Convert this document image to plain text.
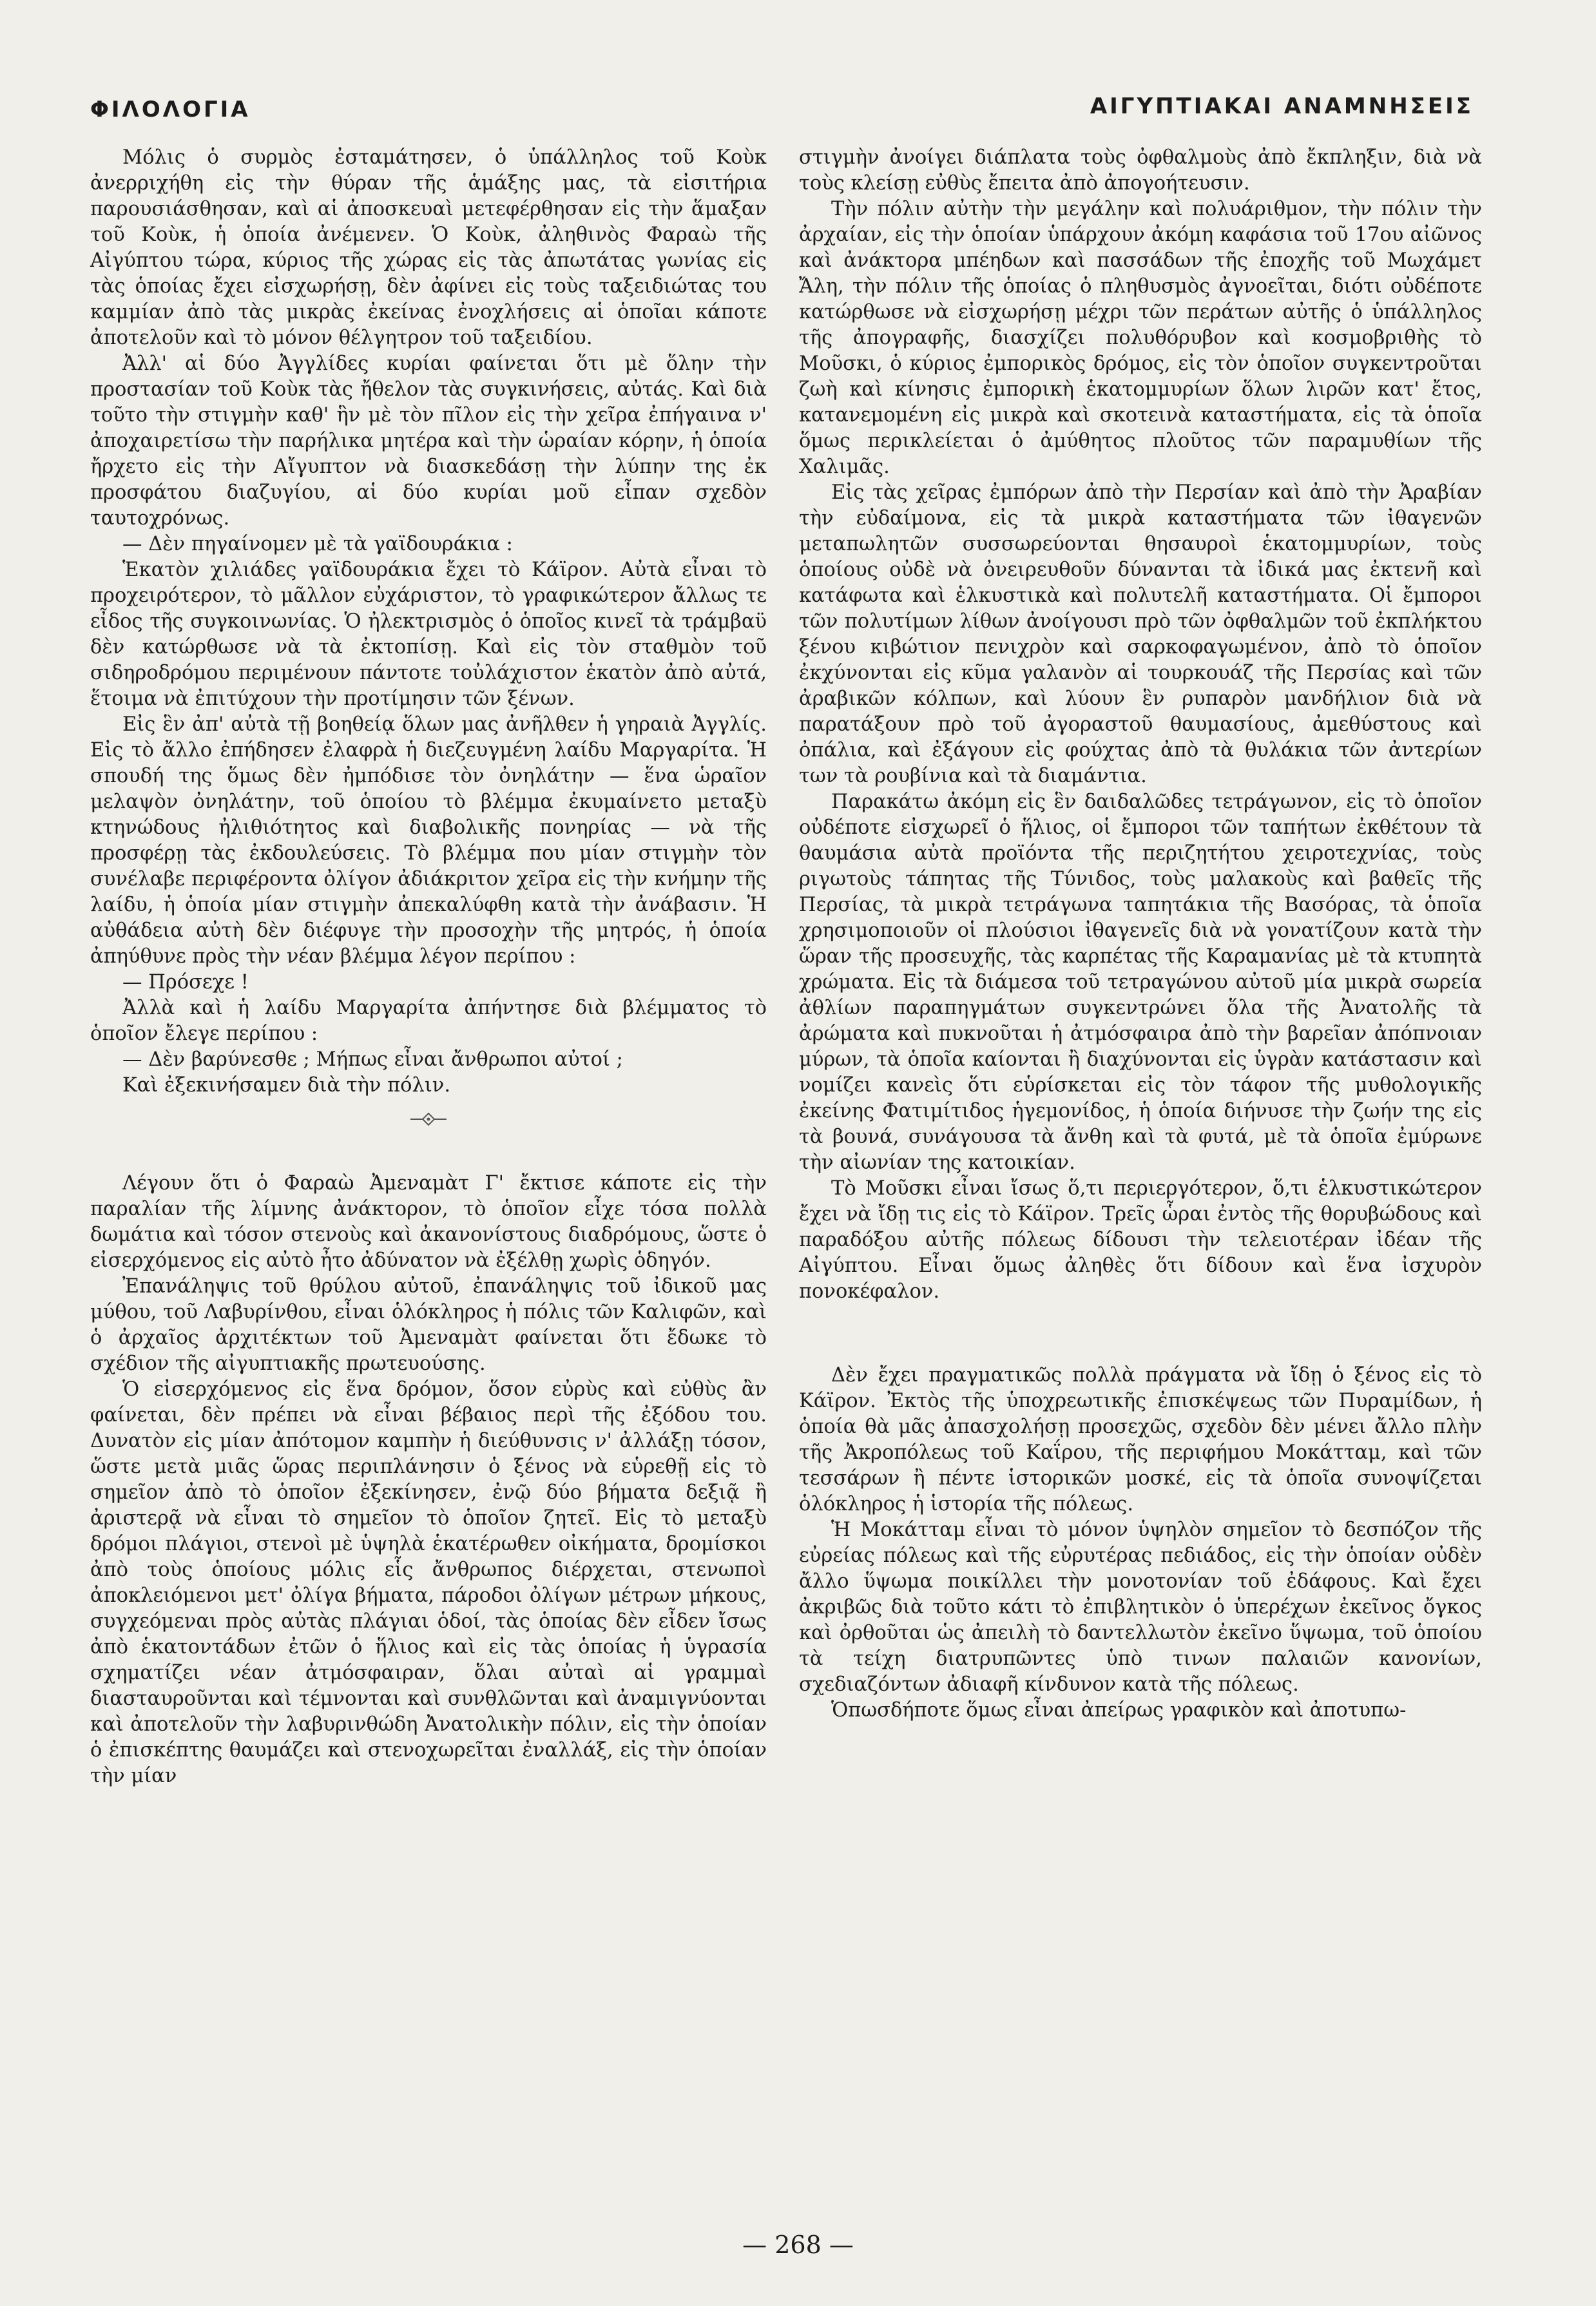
ΦΙΛΟΛΟΓΙΑ	ΑΙΓΥΠΤΙΑΚΑΙ ΑΝΑΜΝΗΣΕΙΣ

Μόλις ὁ συρμὸς ἐσταμάτησεν, ὁ ὑπάλληλος τοῦ Κοὺκ ἀνερριχήθη εἰς τὴν θύραν τῆς ἁμάξης μας, τὰ εἰσιτήρια παρουσιάσθησαν, καὶ αἱ ἀποσκευαὶ μετεφέρθησαν εἰς τὴν ἅμαξαν τοῦ Κοὺκ, ἡ ὁποία ἀνέμενεν. Ὁ Κοὺκ, ἀληθινὸς Φαραὼ τῆς Αἰγύπτου τώρα, κύριος τῆς χώρας εἰς τὰς ἀπωτάτας γωνίας εἰς τὰς ὁποίας ἔχει εἰσχωρήσῃ, δὲν ἀφίνει εἰς τοὺς ταξειδιώτας του καμμίαν ἀπὸ τὰς μικρὰς ἐκείνας ἐνοχλήσεις αἱ ὁποῖαι κάποτε ἀποτελοῦν καὶ τὸ μόνον θέλγητρον τοῦ ταξειδίου.

Ἀλλ' αἱ δύο Ἀγγλίδες κυρίαι φαίνεται ὅτι μὲ ὅλην τὴν προστασίαν τοῦ Κοὺκ τὰς ἤθελον τὰς συγκινήσεις, αὐτάς. Καὶ διὰ τοῦτο τὴν στιγμὴν καθ' ἣν μὲ τὸν πῖλον εἰς τὴν χεῖρα ἐπήγαινα ν' ἀποχαιρετίσω τὴν παρήλικα μητέρα καὶ τὴν ὡραίαν κόρην, ἡ ὁποία ἤρχετο εἰς τὴν Αἴγυπτον νὰ διασκεδάσῃ τὴν λύπην της ἐκ προσφάτου διαζυγίου, αἱ δύο κυρίαι μοῦ εἶπαν σχεδὸν ταυτοχρόνως.

— Δὲν πηγαίνομεν μὲ τὰ γαϊδουράκια :

Ἑκατὸν χιλιάδες γαϊδουράκια ἔχει τὸ Κάϊρον. Αὐτὰ εἶναι τὸ προχειρότερον, τὸ μᾶλλον εὐχάριστον, τὸ γραφικώτερον ἄλλως τε εἶδος τῆς συγκοινωνίας. Ὁ ἠλεκτρισμὸς ὁ ὁποῖος κινεῖ τὰ τράμβαϋ δὲν κατώρθωσε νὰ τὰ ἐκτοπίσῃ. Καὶ εἰς τὸν σταθμὸν τοῦ σιδηροδρόμου περιμένουν πάντοτε τοὐλάχιστον ἑκατὸν ἀπὸ αὐτά, ἕτοιμα νὰ ἐπιτύχουν τὴν προτίμησιν τῶν ξένων.

Εἰς ἓν ἀπ' αὐτὰ τῇ βοηθείᾳ ὅλων μας ἀνῆλθεν ἡ γηραιὰ Ἀγγλίς. Εἰς τὸ ἄλλο ἐπήδησεν ἐλαφρὰ ἡ διεζευγμένη λαίδυ Μαργαρίτα. Ἡ σπουδή της ὅμως δὲν ἠμπόδισε τὸν ὀνηλάτην — ἕνα ὡραῖον μελαψὸν ὀνηλάτην, τοῦ ὁποίου τὸ βλέμμα ἐκυμαίνετο μεταξὺ κτηνώδους ἠλιθιότητος καὶ διαβολικῆς πονηρίας — νὰ τῆς προσφέρῃ τὰς ἐκδουλεύσεις. Τὸ βλέμμα που μίαν στιγμὴν τὸν συνέλαβε περιφέροντα ὀλίγον ἀδιάκριτον χεῖρα εἰς τὴν κνήμην τῆς λαίδυ, ἡ ὁποία μίαν στιγμὴν ἀπεκαλύφθη κατὰ τὴν ἀνάβασιν. Ἡ αὐθάδεια αὐτὴ δὲν διέφυγε τὴν προσοχὴν τῆς μητρός, ἡ ὁποία ἀπηύθυνε πρὸς τὴν νέαν βλέμμα λέγον περίπου :

— Πρόσεχε !

Ἀλλὰ καὶ ἡ λαίδυ Μαργαρίτα ἀπήντησε διὰ βλέμματος τὸ ὁποῖον ἔλεγε περίπου :

— Δὲν βαρύνεσθε ; Μήπως εἶναι ἄνθρωποι αὐτοί ;

Καὶ ἐξεκινήσαμεν διὰ τὴν πόλιν.

Λέγουν ὅτι ὁ Φαραὼ Ἀμεναμὰτ Γ' ἔκτισε κάποτε εἰς τὴν παραλίαν τῆς λίμνης ἀνάκτορον, τὸ ὁποῖον εἶχε τόσα πολλὰ δωμάτια καὶ τόσον στενοὺς καὶ ἀκανονίστους διαδρόμους, ὥστε ὁ εἰσερχόμενος εἰς αὐτὸ ἦτο ἀδύνατον νὰ ἐξέλθῃ χωρὶς ὁδηγόν.

Ἐπανάληψις τοῦ θρύλου αὐτοῦ, ἐπανάληψις τοῦ ἰδικοῦ μας μύθου, τοῦ Λαβυρίνθου, εἶναι ὁλόκληρος ἡ πόλις τῶν Καλιφῶν, καὶ ὁ ἀρχαῖος ἀρχιτέκτων τοῦ Ἀμεναμὰτ φαίνεται ὅτι ἔδωκε τὸ σχέδιον τῆς αἰγυπτιακῆς πρωτευούσης.

Ὁ εἰσερχόμενος εἰς ἕνα δρόμον, ὅσον εὐρὺς καὶ εὐθὺς ἂν φαίνεται, δὲν πρέπει νὰ εἶναι βέβαιος περὶ τῆς ἐξόδου του. Δυνατὸν εἰς μίαν ἀπότομον καμπὴν ἡ διεύθυνσις ν' ἀλλάξῃ τόσον, ὥστε μετὰ μιᾶς ὥρας περιπλάνησιν ὁ ξένος νὰ εὑρεθῇ εἰς τὸ σημεῖον ἀπὸ τὸ ὁποῖον ἐξεκίνησεν, ἐνῷ δύο βήματα δεξιᾷ ἢ ἀριστερᾷ νὰ εἶναι τὸ σημεῖον τὸ ὁποῖον ζητεῖ. Εἰς τὸ μεταξὺ δρόμοι πλάγιοι, στενοὶ μὲ ὑψηλὰ ἑκατέρωθεν οἰκήματα, δρομίσκοι ἀπὸ τοὺς ὁποίους μόλις εἷς ἄνθρωπος διέρχεται, στενωποὶ ἀποκλειόμενοι μετ' ὀλίγα βήματα, πάροδοι ὀλίγων μέτρων μήκους, συγχεόμεναι πρὸς αὐτὰς πλάγιαι ὁδοί, τὰς ὁποίας δὲν εἶδεν ἴσως ἀπὸ ἑκατοντάδων ἐτῶν ὁ ἥλιος καὶ εἰς τὰς ὁποίας ἡ ὑγρασία σχηματίζει νέαν ἀτμόσφαιραν, ὅλαι αὐταὶ αἱ γραμμαὶ διασταυροῦνται καὶ τέμνονται καὶ συνθλῶνται καὶ ἀναμιγνύονται καὶ ἀποτελοῦν τὴν λαβυρινθώδη Ἀνατολικὴν πόλιν, εἰς τὴν ὁποίαν ὁ ἐπισκέπτης θαυμάζει καὶ στενοχωρεῖται ἐναλλάξ, εἰς τὴν ὁποίαν τὴν μίαν

στιγμὴν ἀνοίγει διάπλατα τοὺς ὀφθαλμοὺς ἀπὸ ἔκπληξιν, διὰ νὰ τοὺς κλείσῃ εὐθὺς ἔπειτα ἀπὸ ἀπογοήτευσιν.

Τὴν πόλιν αὐτὴν τὴν μεγάλην καὶ πολυάριθμον, τὴν πόλιν τὴν ἀρχαίαν, εἰς τὴν ὁποίαν ὑπάρχουν ἀκόμη καφάσια τοῦ 17ου αἰῶνος καὶ ἀνάκτορα μπέηδων καὶ πασσάδων τῆς ἐποχῆς τοῦ Μωχάμετ Ἄλη, τὴν πόλιν τῆς ὁποίας ὁ πληθυσμὸς ἀγνοεῖται, διότι οὐδέποτε κατώρθωσε νὰ εἰσχωρήσῃ μέχρι τῶν περάτων αὐτῆς ὁ ὑπάλληλος τῆς ἀπογραφῆς, διασχίζει πολυθόρυβον καὶ κοσμοβριθὴς τὸ Μοῦσκι, ὁ κύριος ἐμπορικὸς δρόμος, εἰς τὸν ὁποῖον συγκεντροῦται ζωὴ καὶ κίνησις ἐμπορικὴ ἑκατομμυρίων ὅλων λιρῶν κατ' ἔτος, κατανεμομένη εἰς μικρὰ καὶ σκοτεινὰ καταστήματα, εἰς τὰ ὁποῖα ὅμως περικλείεται ὁ ἀμύθητος πλοῦτος τῶν παραμυθίων τῆς Χαλιμᾶς.

Εἰς τὰς χεῖρας ἐμπόρων ἀπὸ τὴν Περσίαν καὶ ἀπὸ τὴν Ἀραβίαν τὴν εὐδαίμονα, εἰς τὰ μικρὰ καταστήματα τῶν ἰθαγενῶν μεταπωλητῶν συσσωρεύονται θησαυροὶ ἑκατομμυρίων, τοὺς ὁποίους οὐδὲ νὰ ὀνειρευθοῦν δύνανται τὰ ἰδικά μας ἐκτενῆ καὶ κατάφωτα καὶ ἑλκυστικὰ καὶ πολυτελῆ καταστήματα. Οἱ ἔμποροι τῶν πολυτίμων λίθων ἀνοίγουσι πρὸ τῶν ὀφθαλμῶν τοῦ ἐκπλήκτου ξένου κιβώτιον πενιχρὸν καὶ σαρκοφαγωμένον, ἀπὸ τὸ ὁποῖον ἐκχύνονται εἰς κῦμα γαλανὸν αἱ τουρκουάζ τῆς Περσίας καὶ τῶν ἀραβικῶν κόλπων, καὶ λύουν ἓν ρυπαρὸν μανδήλιον διὰ νὰ παρατάξουν πρὸ τοῦ ἀγοραστοῦ θαυμασίους, ἀμεθύστους καὶ ὀπάλια, καὶ ἐξάγουν εἰς φούχτας ἀπὸ τὰ θυλάκια τῶν ἀντερίων των τὰ ρουβίνια καὶ τὰ διαμάντια.

Παρακάτω ἀκόμη εἰς ἓν δαιδαλῶδες τετράγωνον, εἰς τὸ ὁποῖον οὐδέποτε εἰσχωρεῖ ὁ ἥλιος, οἱ ἔμποροι τῶν ταπήτων ἐκθέτουν τὰ θαυμάσια αὐτὰ προϊόντα τῆς περιζητήτου χειροτεχνίας, τοὺς ριγωτοὺς τάπητας τῆς Τύνιδος, τοὺς μαλακοὺς καὶ βαθεῖς τῆς Περσίας, τὰ μικρὰ τετράγωνα ταπητάκια τῆς Βασόρας, τὰ ὁποῖα χρησιμοποιοῦν οἱ πλούσιοι ἰθαγενεῖς διὰ νὰ γονατίζουν κατὰ τὴν ὥραν τῆς προσευχῆς, τὰς καρπέτας τῆς Καραμανίας μὲ τὰ κτυπητὰ χρώματα. Εἰς τὰ διάμεσα τοῦ τετραγώνου αὐτοῦ μία μικρὰ σωρεία ἀθλίων παραπηγμάτων συγκεντρώνει ὅλα τῆς Ἀνατολῆς τὰ ἀρώματα καὶ πυκνοῦται ἡ ἀτμόσφαιρα ἀπὸ τὴν βαρεῖαν ἀπόπνοιαν μύρων, τὰ ὁποῖα καίονται ἢ διαχύνονται εἰς ὑγρὰν κατάστασιν καὶ νομίζει κανεὶς ὅτι εὑρίσκεται εἰς τὸν τάφον τῆς μυθολογικῆς ἐκείνης Φατιμίτιδος ἡγεμονίδος, ἡ ὁποία διήνυσε τὴν ζωήν της εἰς τὰ βουνά, συνάγουσα τὰ ἄνθη καὶ τὰ φυτά, μὲ τὰ ὁποῖα ἐμύρωνε τὴν αἰωνίαν της κατοικίαν.

Τὸ Μοῦσκι εἶναι ἴσως ὅ,τι περιεργότερον, ὅ,τι ἑλκυστικώτερον ἔχει νὰ ἴδῃ τις εἰς τὸ Κάϊρον. Τρεῖς ὧραι ἐντὸς τῆς θορυβώδους καὶ παραδόξου αὐτῆς πόλεως δίδουσι τὴν τελειοτέραν ἰδέαν τῆς Αἰγύπτου. Εἶναι ὅμως ἀληθὲς ὅτι δίδουν καὶ ἕνα ἰσχυρὸν πονοκέφαλον.

Δὲν ἔχει πραγματικῶς πολλὰ πράγματα νὰ ἴδῃ ὁ ξένος εἰς τὸ Κάϊρον. Ἐκτὸς τῆς ὑποχρεωτικῆς ἐπισκέψεως τῶν Πυραμίδων, ἡ ὁποία θὰ μᾶς ἀπασχολήσῃ προσεχῶς, σχεδὸν δὲν μένει ἄλλο πλὴν τῆς Ἀκροπόλεως τοῦ Καΐρου, τῆς περιφήμου Μοκάτταμ, καὶ τῶν τεσσάρων ἢ πέντε ἱστορικῶν μοσκέ, εἰς τὰ ὁποῖα συνοψίζεται ὁλόκληρος ἡ ἱστορία τῆς πόλεως.

Ἡ Μοκάτταμ εἶναι τὸ μόνον ὑψηλὸν σημεῖον τὸ δεσπόζον τῆς εὐρείας πόλεως καὶ τῆς εὐρυτέρας πεδιάδος, εἰς τὴν ὁποίαν οὐδὲν ἄλλο ὕψωμα ποικίλλει τὴν μονοτονίαν τοῦ ἐδάφους. Καὶ ἔχει ἀκριβῶς διὰ τοῦτο κάτι τὸ ἐπιβλητικὸν ὁ ὑπερέχων ἐκεῖνος ὄγκος καὶ ὀρθοῦται ὡς ἀπειλὴ τὸ δαντελλωτὸν ἐκεῖνο ὕψωμα, τοῦ ὁποίου τὰ τείχη διατρυπῶντες ὑπὸ τινων παλαιῶν κανονίων, σχεδιαζόντων ἀδιαφῆ κίνδυνον κατὰ τῆς πόλεως.

Ὁπωσδήποτε ὅμως εἶναι ἀπείρως γραφικὸν καὶ ἀποτυπω-

— 268 —
